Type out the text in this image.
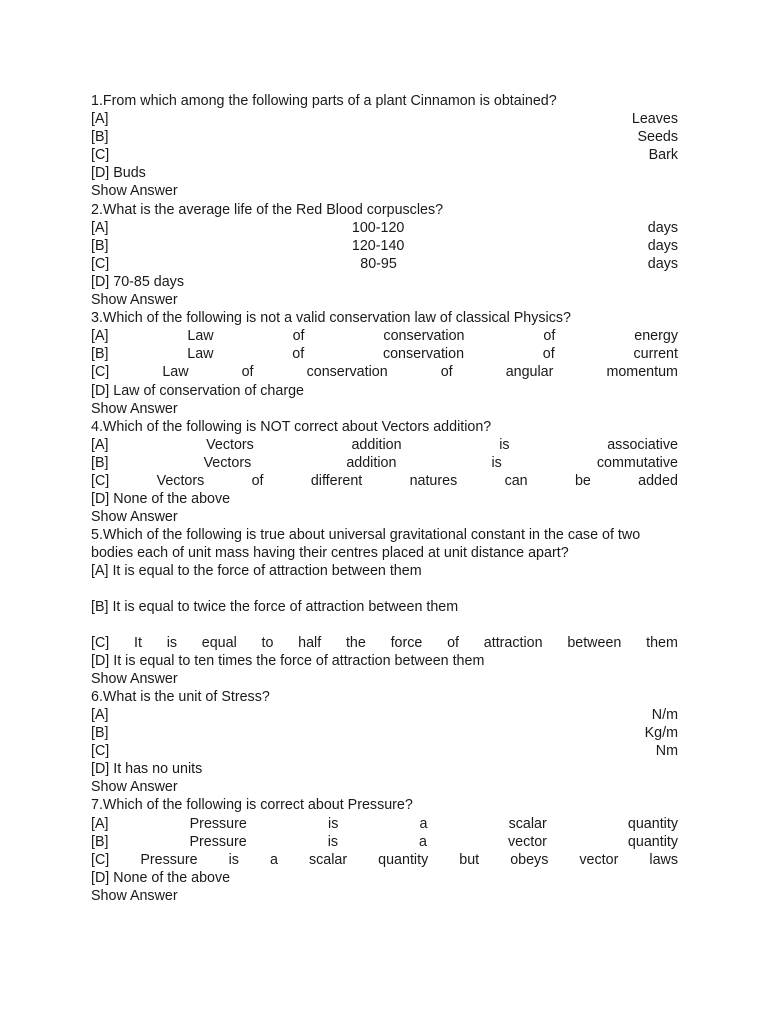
1.From which among the following parts of a plant Cinnamon is obtained?

[A]	Leaves

[B]	Seeds

[C]	Bark

[D] Buds

Show Answer

2.What is the average life of the Red Blood corpuscles?

[A]	100-120	days

[B]	120-140	days

[C]	80-95	days

[D] 70-85 days

Show Answer

3.Which of the following is not a valid conservation law of classical Physics?

[A]	Law	of	conservation	of	energy

[B]	Law	of	conservation	of	current

[C]	Law	of	conservation	of	angular	momentum

[D] Law of conservation of charge

Show Answer

4.Which of the following is NOT correct about Vectors addition?

[A]	Vectors	addition	is	associative

[B]	Vectors	addition	is	commutative

[C]	Vectors	of	different	natures	can	be	added

[D] None of the above

Show Answer

5.Which of the following is true about universal gravitational constant in the case of two

bodies each of unit mass having their centres placed at unit distance apart?

[A] It is equal to the force of attraction between them

[B] It is equal to twice the force of attraction between them

[C] It is equal to half the force of attraction between them

[D] It is equal to ten times the force of attraction between them

Show Answer

6.What is the unit of Stress?

[A]	N/m

[B]	Kg/m

[C]	Nm

[D] It has no units

Show Answer

7.Which of the following is correct about Pressure?

[A]	Pressure	is	a	scalar	quantity

[B]	Pressure	is	a	vector	quantity

[C] Pressure is a scalar quantity but obeys vector laws

[D] None of the above

Show Answer
